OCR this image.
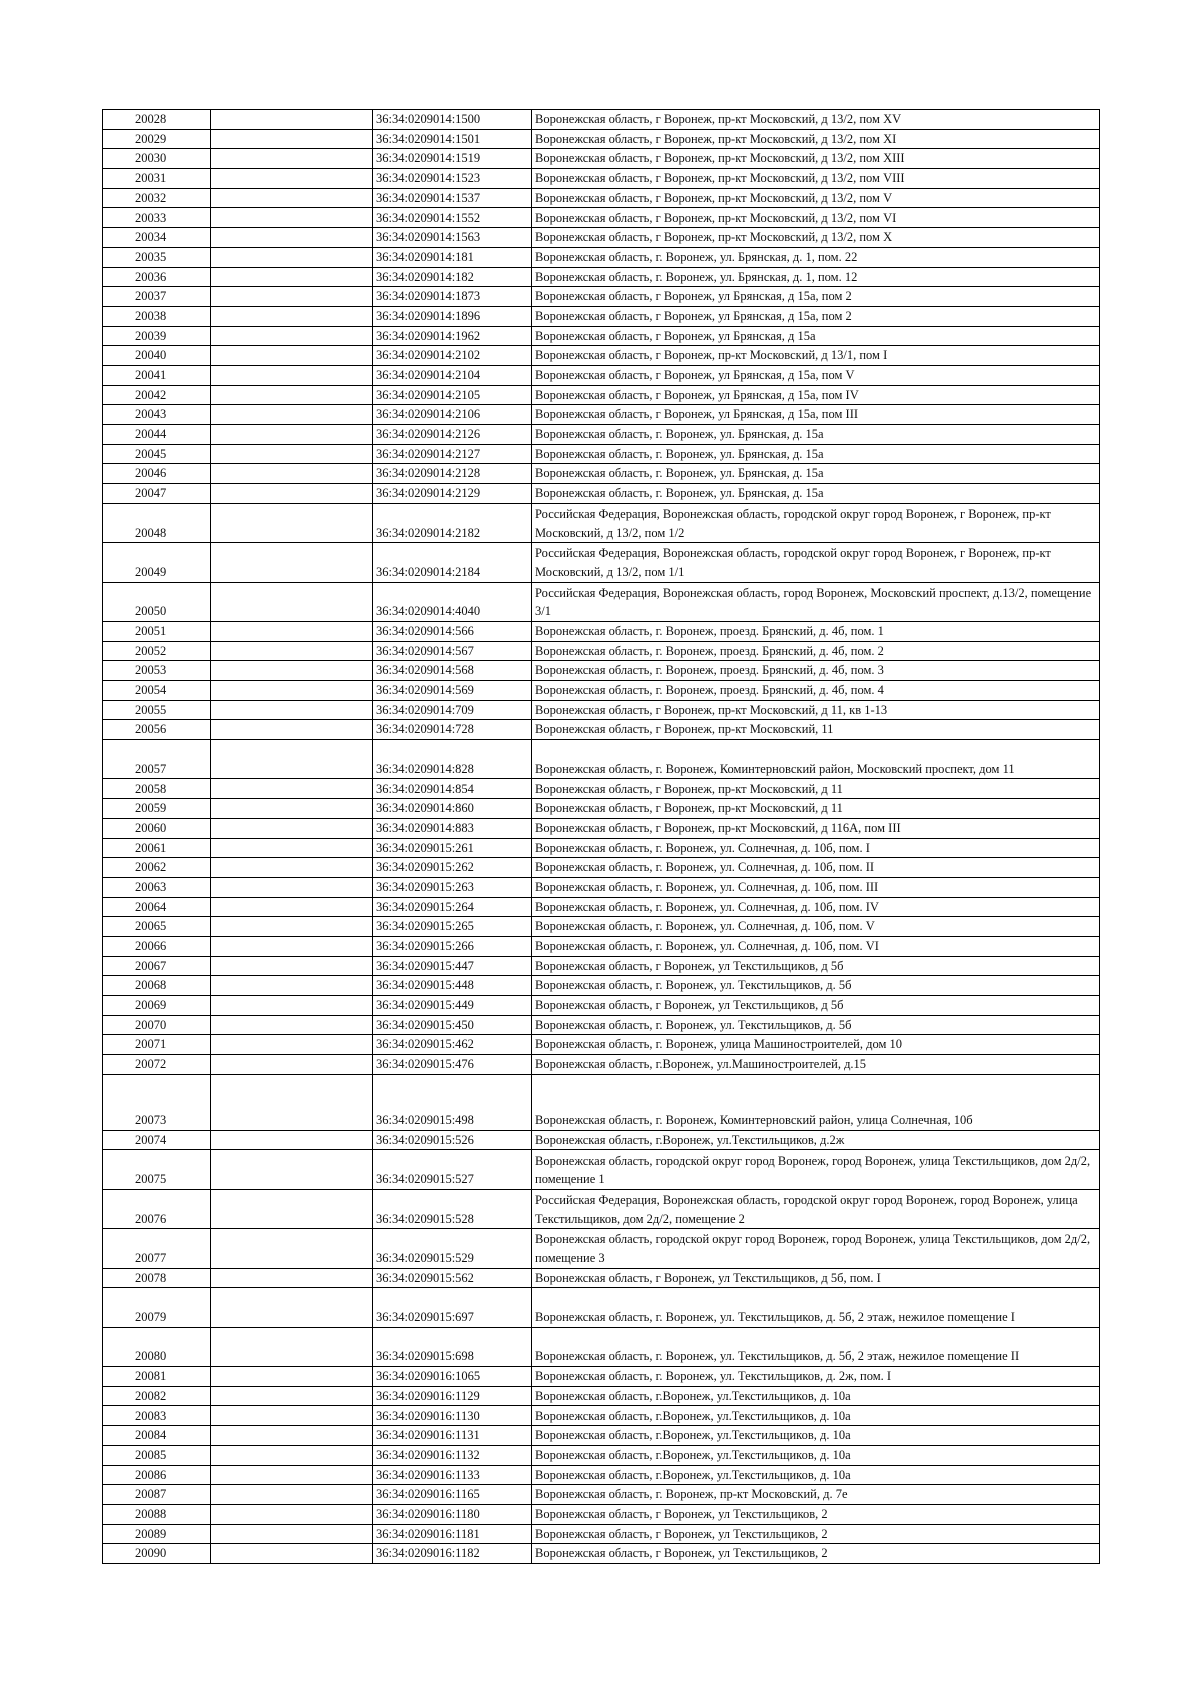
20028		36:34:0209014:1500	Воронежская область, г Воронеж, пр-кт Московский, д 13/2, пом XV
20029		36:34:0209014:1501	Воронежская область, г Воронеж, пр-кт Московский, д 13/2, пом XI
20030		36:34:0209014:1519	Воронежская область, г Воронеж, пр-кт Московский, д 13/2, пом XIII
20031		36:34:0209014:1523	Воронежская область, г Воронеж, пр-кт Московский, д 13/2, пом VIII
20032		36:34:0209014:1537	Воронежская область, г Воронеж, пр-кт Московский, д 13/2, пом V
20033		36:34:0209014:1552	Воронежская область, г Воронеж, пр-кт Московский, д 13/2, пом VI
20034		36:34:0209014:1563	Воронежская область, г Воронеж, пр-кт Московский, д 13/2, пом X
20035		36:34:0209014:181	Воронежская область, г. Воронеж, ул. Брянская, д. 1, пом. 22
20036		36:34:0209014:182	Воронежская область, г. Воронеж, ул. Брянская, д. 1, пом. 12
20037		36:34:0209014:1873	Воронежская область, г Воронеж, ул Брянская, д 15а, пом 2
20038		36:34:0209014:1896	Воронежская область, г Воронеж, ул Брянская, д 15а, пом 2
20039		36:34:0209014:1962	Воронежская область, г Воронеж, ул Брянская, д 15а
20040		36:34:0209014:2102	Воронежская область, г Воронеж, пр-кт Московский, д 13/1, пом I
20041		36:34:0209014:2104	Воронежская область, г Воронеж, ул Брянская, д 15а, пом V
20042		36:34:0209014:2105	Воронежская область, г Воронеж, ул Брянская, д 15а, пом IV
20043		36:34:0209014:2106	Воронежская область, г Воронеж, ул Брянская, д 15а, пом III
20044		36:34:0209014:2126	Воронежская область, г. Воронеж, ул. Брянская, д. 15а
20045		36:34:0209014:2127	Воронежская область, г. Воронеж, ул. Брянская, д. 15а
20046		36:34:0209014:2128	Воронежская область, г. Воронеж, ул. Брянская, д. 15а
20047		36:34:0209014:2129	Воронежская область, г. Воронеж, ул. Брянская, д. 15а
20048		36:34:0209014:2182	Российская Федерация, Воронежская область, городской округ город Воронеж, г Воронеж, пр-кт Московский, д 13/2, пом 1/2
20049		36:34:0209014:2184	Российская Федерация, Воронежская область, городской округ город Воронеж, г Воронеж, пр-кт Московский, д 13/2, пом 1/1
20050		36:34:0209014:4040	Российская Федерация, Воронежская область, город Воронеж, Московский проспект, д.13/2, помещение 3/1
20051		36:34:0209014:566	Воронежская область, г. Воронеж, проезд. Брянский, д. 4б, пом. 1
20052		36:34:0209014:567	Воронежская область, г. Воронеж, проезд. Брянский, д. 4б, пом. 2
20053		36:34:0209014:568	Воронежская область, г. Воронеж, проезд. Брянский, д. 4б, пом. 3
20054		36:34:0209014:569	Воронежская область, г. Воронеж, проезд. Брянский, д. 4б, пом. 4
20055		36:34:0209014:709	Воронежская область, г Воронеж, пр-кт Московский, д 11, кв 1-13
20056		36:34:0209014:728	Воронежская область, г Воронеж, пр-кт Московский, 11
20057		36:34:0209014:828	Воронежская область, г. Воронеж, Коминтерновский район, Московский проспект, дом 11
20058		36:34:0209014:854	Воронежская область, г Воронеж, пр-кт Московский, д 11
20059		36:34:0209014:860	Воронежская область, г Воронеж, пр-кт Московский, д 11
20060		36:34:0209014:883	Воронежская область, г Воронеж, пр-кт Московский, д 116А, пом III
20061		36:34:0209015:261	Воронежская область, г. Воронеж, ул. Солнечная, д. 10б, пом. I
20062		36:34:0209015:262	Воронежская область, г. Воронеж, ул. Солнечная, д. 10б, пом. II
20063		36:34:0209015:263	Воронежская область, г. Воронеж, ул. Солнечная, д. 10б, пом. III
20064		36:34:0209015:264	Воронежская область, г. Воронеж, ул. Солнечная, д. 10б, пом. IV
20065		36:34:0209015:265	Воронежская область, г. Воронеж, ул. Солнечная, д. 10б, пом. V
20066		36:34:0209015:266	Воронежская область, г. Воронеж, ул. Солнечная, д. 10б, пом. VI
20067		36:34:0209015:447	Воронежская область, г Воронеж, ул Текстильщиков, д 5б
20068		36:34:0209015:448	Воронежская область, г. Воронеж, ул. Текстильщиков, д. 5б
20069		36:34:0209015:449	Воронежская область, г Воронеж, ул Текстильщиков, д 5б
20070		36:34:0209015:450	Воронежская область, г. Воронеж, ул. Текстильщиков, д. 5б
20071		36:34:0209015:462	Воронежская область, г. Воронеж, улица Машиностроителей, дом 10
20072		36:34:0209015:476	Воронежская область, г.Воронеж, ул.Машиностроителей, д.15
20073		36:34:0209015:498	Воронежская область, г. Воронеж, Коминтерновский район, улица Солнечная, 10б
20074		36:34:0209015:526	Воронежская область, г.Воронеж, ул.Текстильщиков, д.2ж
20075		36:34:0209015:527	Воронежская область, городской округ город Воронеж, город Воронеж, улица Текстильщиков, дом 2д/2, помещение 1
20076		36:34:0209015:528	Российская Федерация, Воронежская область, городской округ город Воронеж, город Воронеж, улица Текстильщиков, дом 2д/2, помещение 2
20077		36:34:0209015:529	Воронежская область, городской округ город Воронеж, город Воронеж, улица Текстильщиков, дом 2д/2, помещение 3
20078		36:34:0209015:562	Воронежская область, г Воронеж, ул Текстильщиков, д 5б, пом. I
20079		36:34:0209015:697	Воронежская область, г. Воронеж, ул. Текстильщиков, д. 5б, 2 этаж, нежилое помещение I
20080		36:34:0209015:698	Воронежская область, г. Воронеж, ул. Текстильщиков, д. 5б, 2 этаж, нежилое помещение II
20081		36:34:0209016:1065	Воронежская область, г. Воронеж, ул. Текстильщиков, д. 2ж, пом. I
20082		36:34:0209016:1129	Воронежская область, г.Воронеж, ул.Текстильщиков, д. 10а
20083		36:34:0209016:1130	Воронежская область, г.Воронеж, ул.Текстильщиков, д. 10а
20084		36:34:0209016:1131	Воронежская область, г.Воронеж, ул.Текстильщиков, д. 10а
20085		36:34:0209016:1132	Воронежская область, г.Воронеж, ул.Текстильщиков, д. 10а
20086		36:34:0209016:1133	Воронежская область, г.Воронеж, ул.Текстильщиков, д. 10а
20087		36:34:0209016:1165	Воронежская область, г. Воронеж, пр-кт Московский, д. 7е
20088		36:34:0209016:1180	Воронежская область, г Воронеж, ул Текстильщиков, 2
20089		36:34:0209016:1181	Воронежская область, г Воронеж, ул Текстильщиков, 2
20090		36:34:0209016:1182	Воронежская область, г Воронеж, ул Текстильщиков, 2
